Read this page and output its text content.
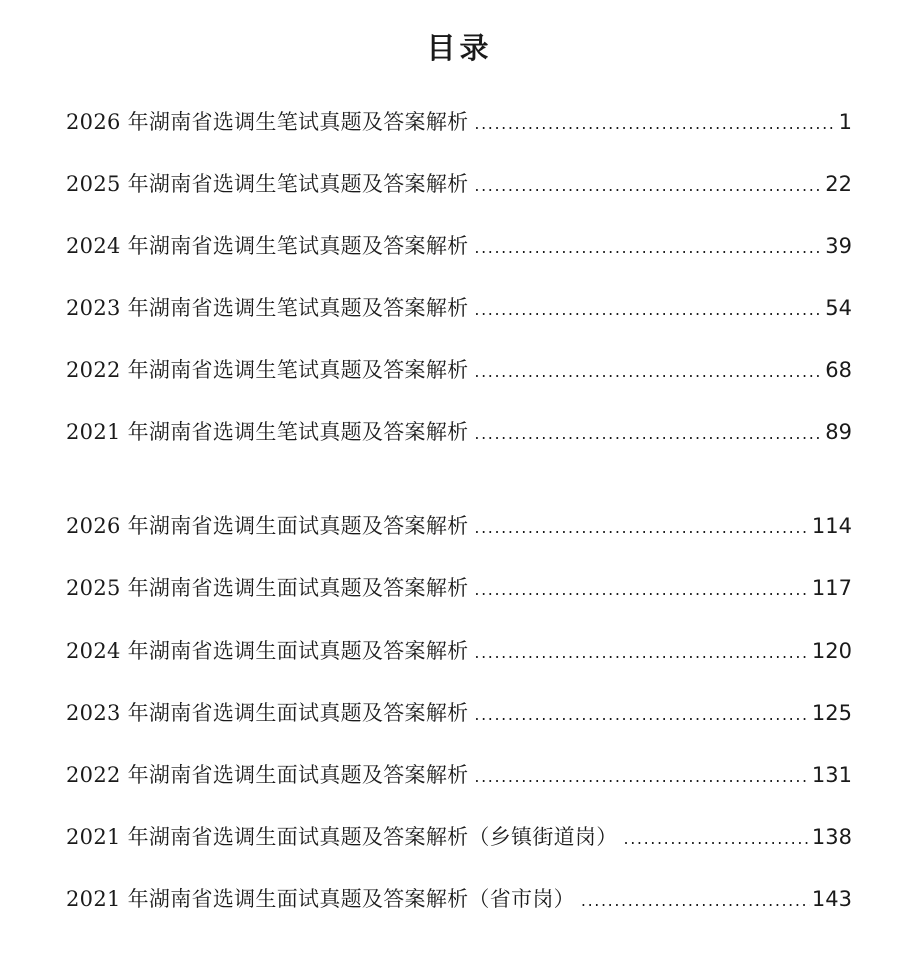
目录
2026 年湖南省选调生笔试真题及答案解析 .....	1
2025 年湖南省选调生笔试真题及答案解析 .....	22
2024 年湖南省选调生笔试真题及答案解析 .....	39
2023 年湖南省选调生笔试真题及答案解析 .....	54
2022 年湖南省选调生笔试真题及答案解析 .....	68
2021 年湖南省选调生笔试真题及答案解析 .....	89
2026 年湖南省选调生面试真题及答案解析 .....	114
2025 年湖南省选调生面试真题及答案解析 .....	117
2024 年湖南省选调生面试真题及答案解析 .....	120
2023 年湖南省选调生面试真题及答案解析 .....	125
2022 年湖南省选调生面试真题及答案解析 .....	131
2021 年湖南省选调生面试真题及答案解析（乡镇街道岗） .....	138
2021 年湖南省选调生面试真题及答案解析（省市岗） .....	143
